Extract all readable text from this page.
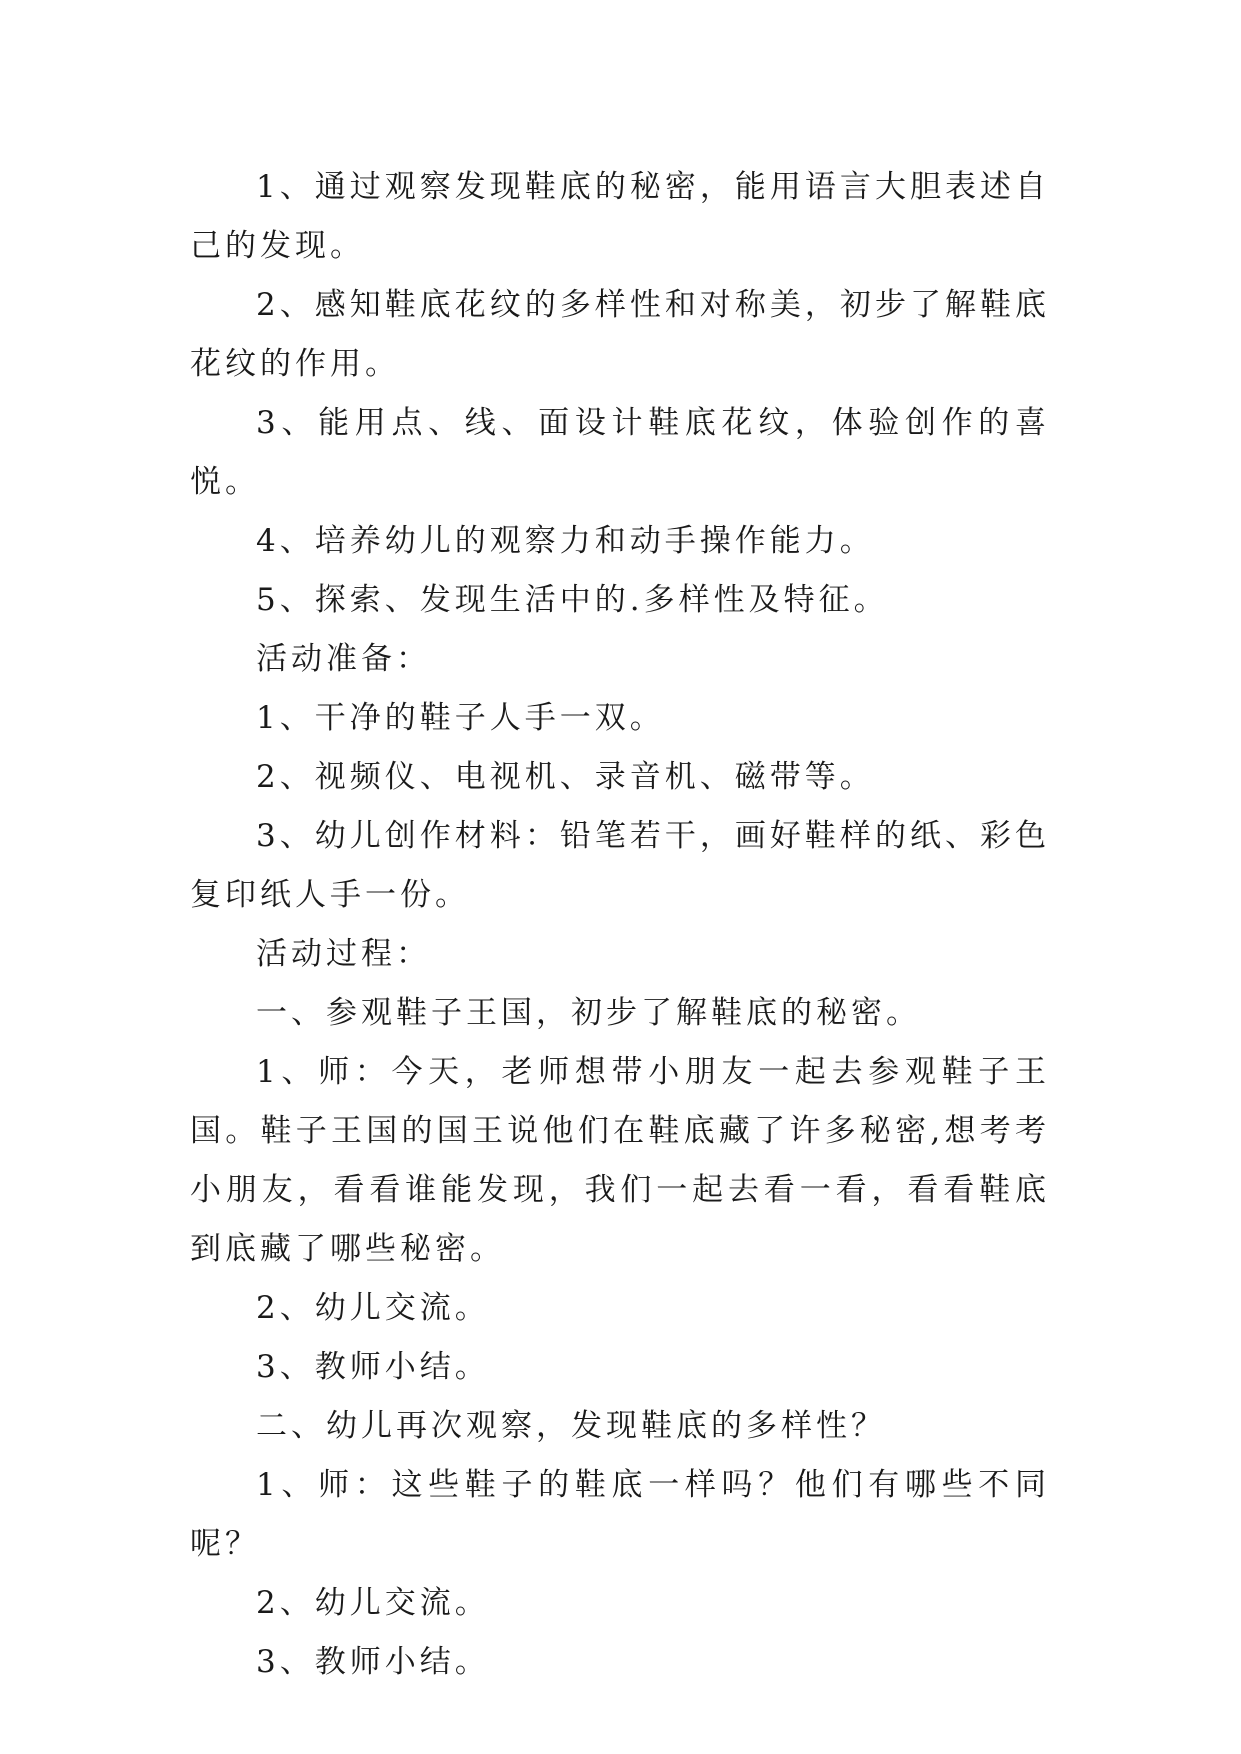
1、通过观察发现鞋底的秘密，能用语言大胆表述自己的发现。

2、感知鞋底花纹的多样性和对称美，初步了解鞋底花纹的作用。

3、能用点、线、面设计鞋底花纹，体验创作的喜悦。

4、培养幼儿的观察力和动手操作能力。

5、探索、发现生活中的.多样性及特征。

活动准备：

1、干净的鞋子人手一双。

2、视频仪、电视机、录音机、磁带等。

3、幼儿创作材料：铅笔若干，画好鞋样的纸、彩色复印纸人手一份。

活动过程：

一、参观鞋子王国，初步了解鞋底的秘密。

1、师：今天，老师想带小朋友一起去参观鞋子王国。鞋子王国的国王说他们在鞋底藏了许多秘密,想考考小朋友，看看谁能发现，我们一起去看一看，看看鞋底到底藏了哪些秘密。

2、幼儿交流。

3、教师小结。

二、幼儿再次观察，发现鞋底的多样性？

1、师：这些鞋子的鞋底一样吗？他们有哪些不同呢？

2、幼儿交流。

3、教师小结。
